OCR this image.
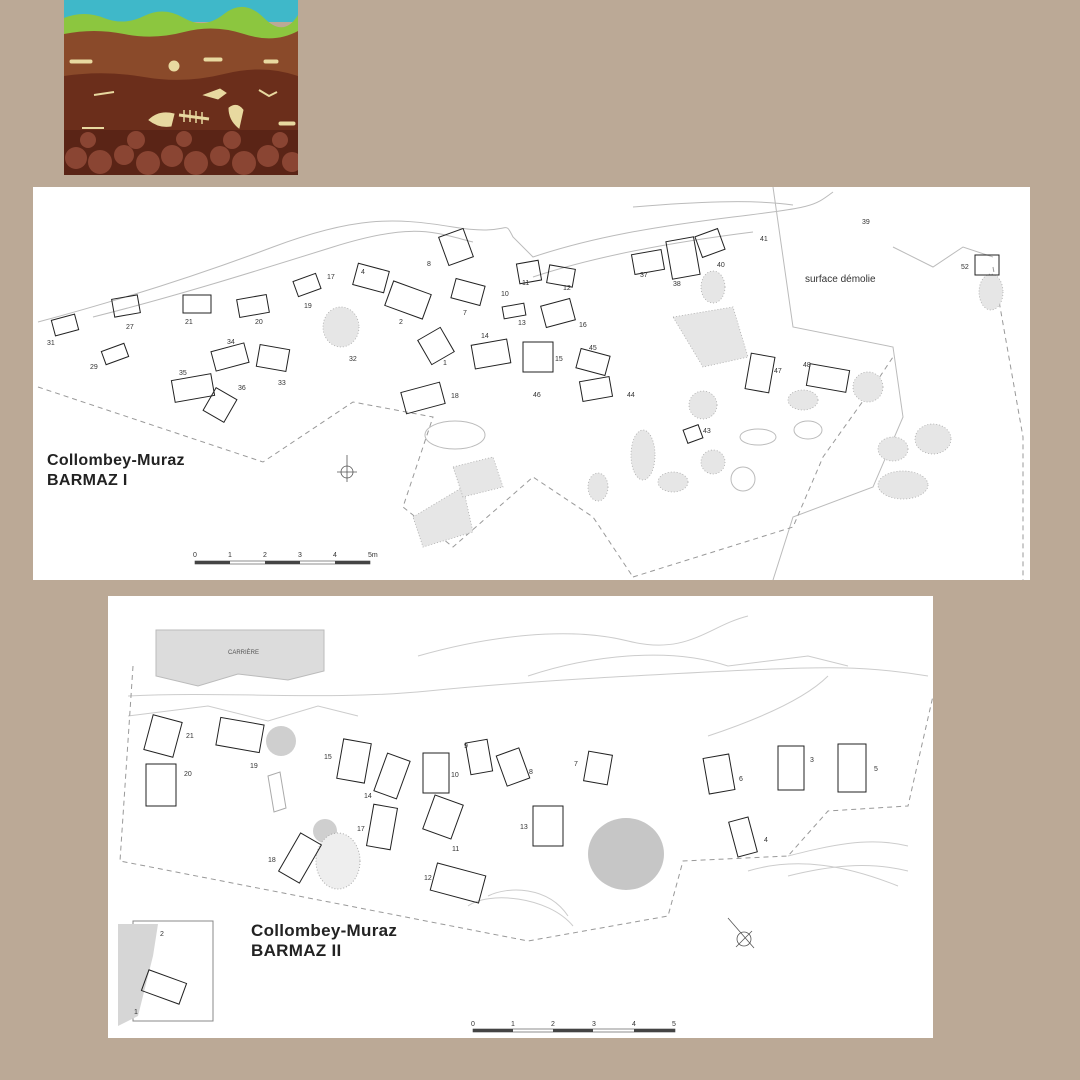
31
29
27
21	20
35
34
36
33
19
17
4
32
2
8
1
18
7
14
10
11
13
12
15
16
46
45
44
43
37
38
40
41
39
47
48
52
surface démolie
0	1	2	3	4	5m
Collombey-Muraz
BARMAZ I
CARRIÈRE
2
1
21
20
19
18
15
14
17
10
9
8
7
11
13
12
6
3
5
4
0	1	2	3	4	5
Collombey-Muraz
BARMAZ II
